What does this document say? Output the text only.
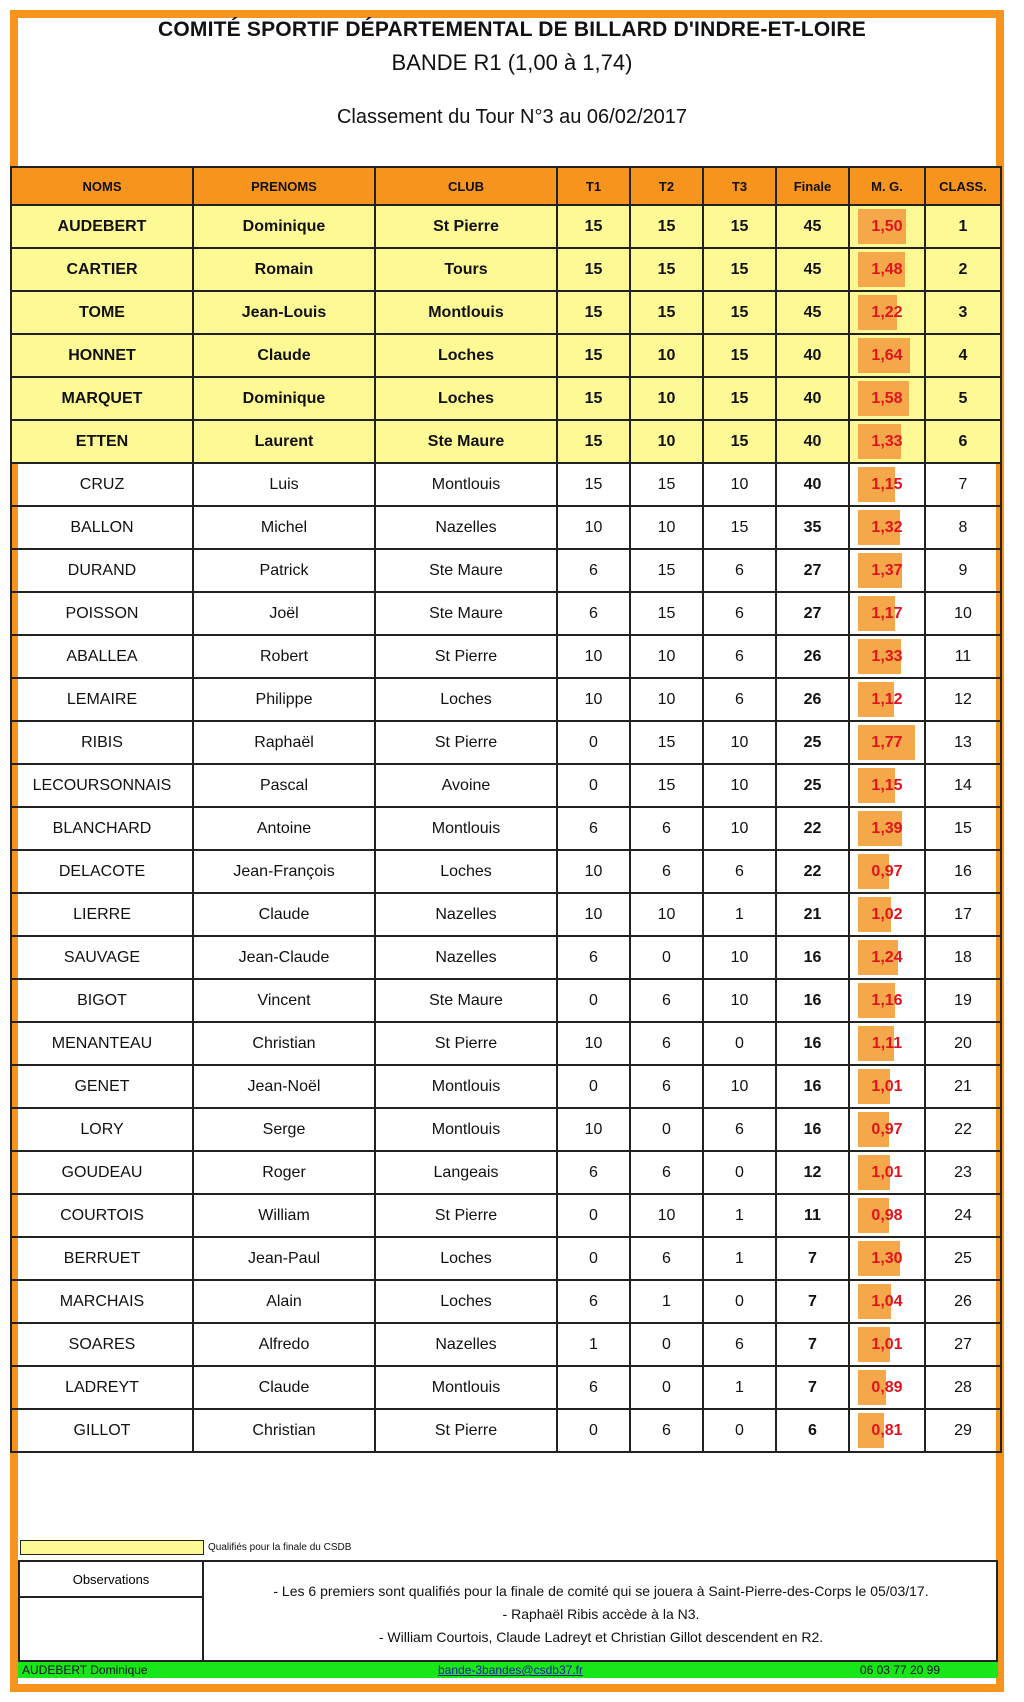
COMITÉ SPORTIF DÉPARTEMENTAL DE BILLARD D'INDRE-ET-LOIRE
BANDE R1 (1,00 à 1,74)
Classement du Tour N°3 au 06/02/2017
NOMS	PRENOMS	CLUB	T1	T2	T3	Finale	M. G.	CLASS.
AUDEBERT	Dominique	St Pierre	15	15	15	45	1,50	1
CARTIER	Romain	Tours	15	15	15	45	1,48	2
TOME	Jean-Louis	Montlouis	15	15	15	45	1,22	3
HONNET	Claude	Loches	15	10	15	40	1,64	4
MARQUET	Dominique	Loches	15	10	15	40	1,58	5
ETTEN	Laurent	Ste Maure	15	10	15	40	1,33	6
CRUZ	Luis	Montlouis	15	15	10	40	1,15	7
BALLON	Michel	Nazelles	10	10	15	35	1,32	8
DURAND	Patrick	Ste Maure	6	15	6	27	1,37	9
POISSON	Joël	Ste Maure	6	15	6	27	1,17	10
ABALLEA	Robert	St Pierre	10	10	6	26	1,33	11
LEMAIRE	Philippe	Loches	10	10	6	26	1,12	12
RIBIS	Raphaël	St Pierre	0	15	10	25	1,77	13
LECOURSONNAIS	Pascal	Avoine	0	15	10	25	1,15	14
BLANCHARD	Antoine	Montlouis	6	6	10	22	1,39	15
DELACOTE	Jean-François	Loches	10	6	6	22	0,97	16
LIERRE	Claude	Nazelles	10	10	1	21	1,02	17
SAUVAGE	Jean-Claude	Nazelles	6	0	10	16	1,24	18
BIGOT	Vincent	Ste Maure	0	6	10	16	1,16	19
MENANTEAU	Christian	St Pierre	10	6	0	16	1,11	20
GENET	Jean-Noël	Montlouis	0	6	10	16	1,01	21
LORY	Serge	Montlouis	10	0	6	16	0,97	22
GOUDEAU	Roger	Langeais	6	6	0	12	1,01	23
COURTOIS	William	St Pierre	0	10	1	11	0,98	24
BERRUET	Jean-Paul	Loches	0	6	1	7	1,30	25
MARCHAIS	Alain	Loches	6	1	0	7	1,04	26
SOARES	Alfredo	Nazelles	1	0	6	7	1,01	27
LADREYT	Claude	Montlouis	6	0	1	7	0,89	28
GILLOT	Christian	St Pierre	0	6	0	6	0,81	29
Qualifiés pour la finale du CSDB
Observations
- Les 6 premiers sont qualifiés pour la finale de comité qui se jouera à Saint-Pierre-des-Corps le 05/03/17.
- Raphaël Ribis accède à la N3.
- William Courtois, Claude Ladreyt et Christian Gillot descendent en R2.
AUDEBERT Dominique	bande-3bandes@csdb37.fr	06 03 77 20 99
